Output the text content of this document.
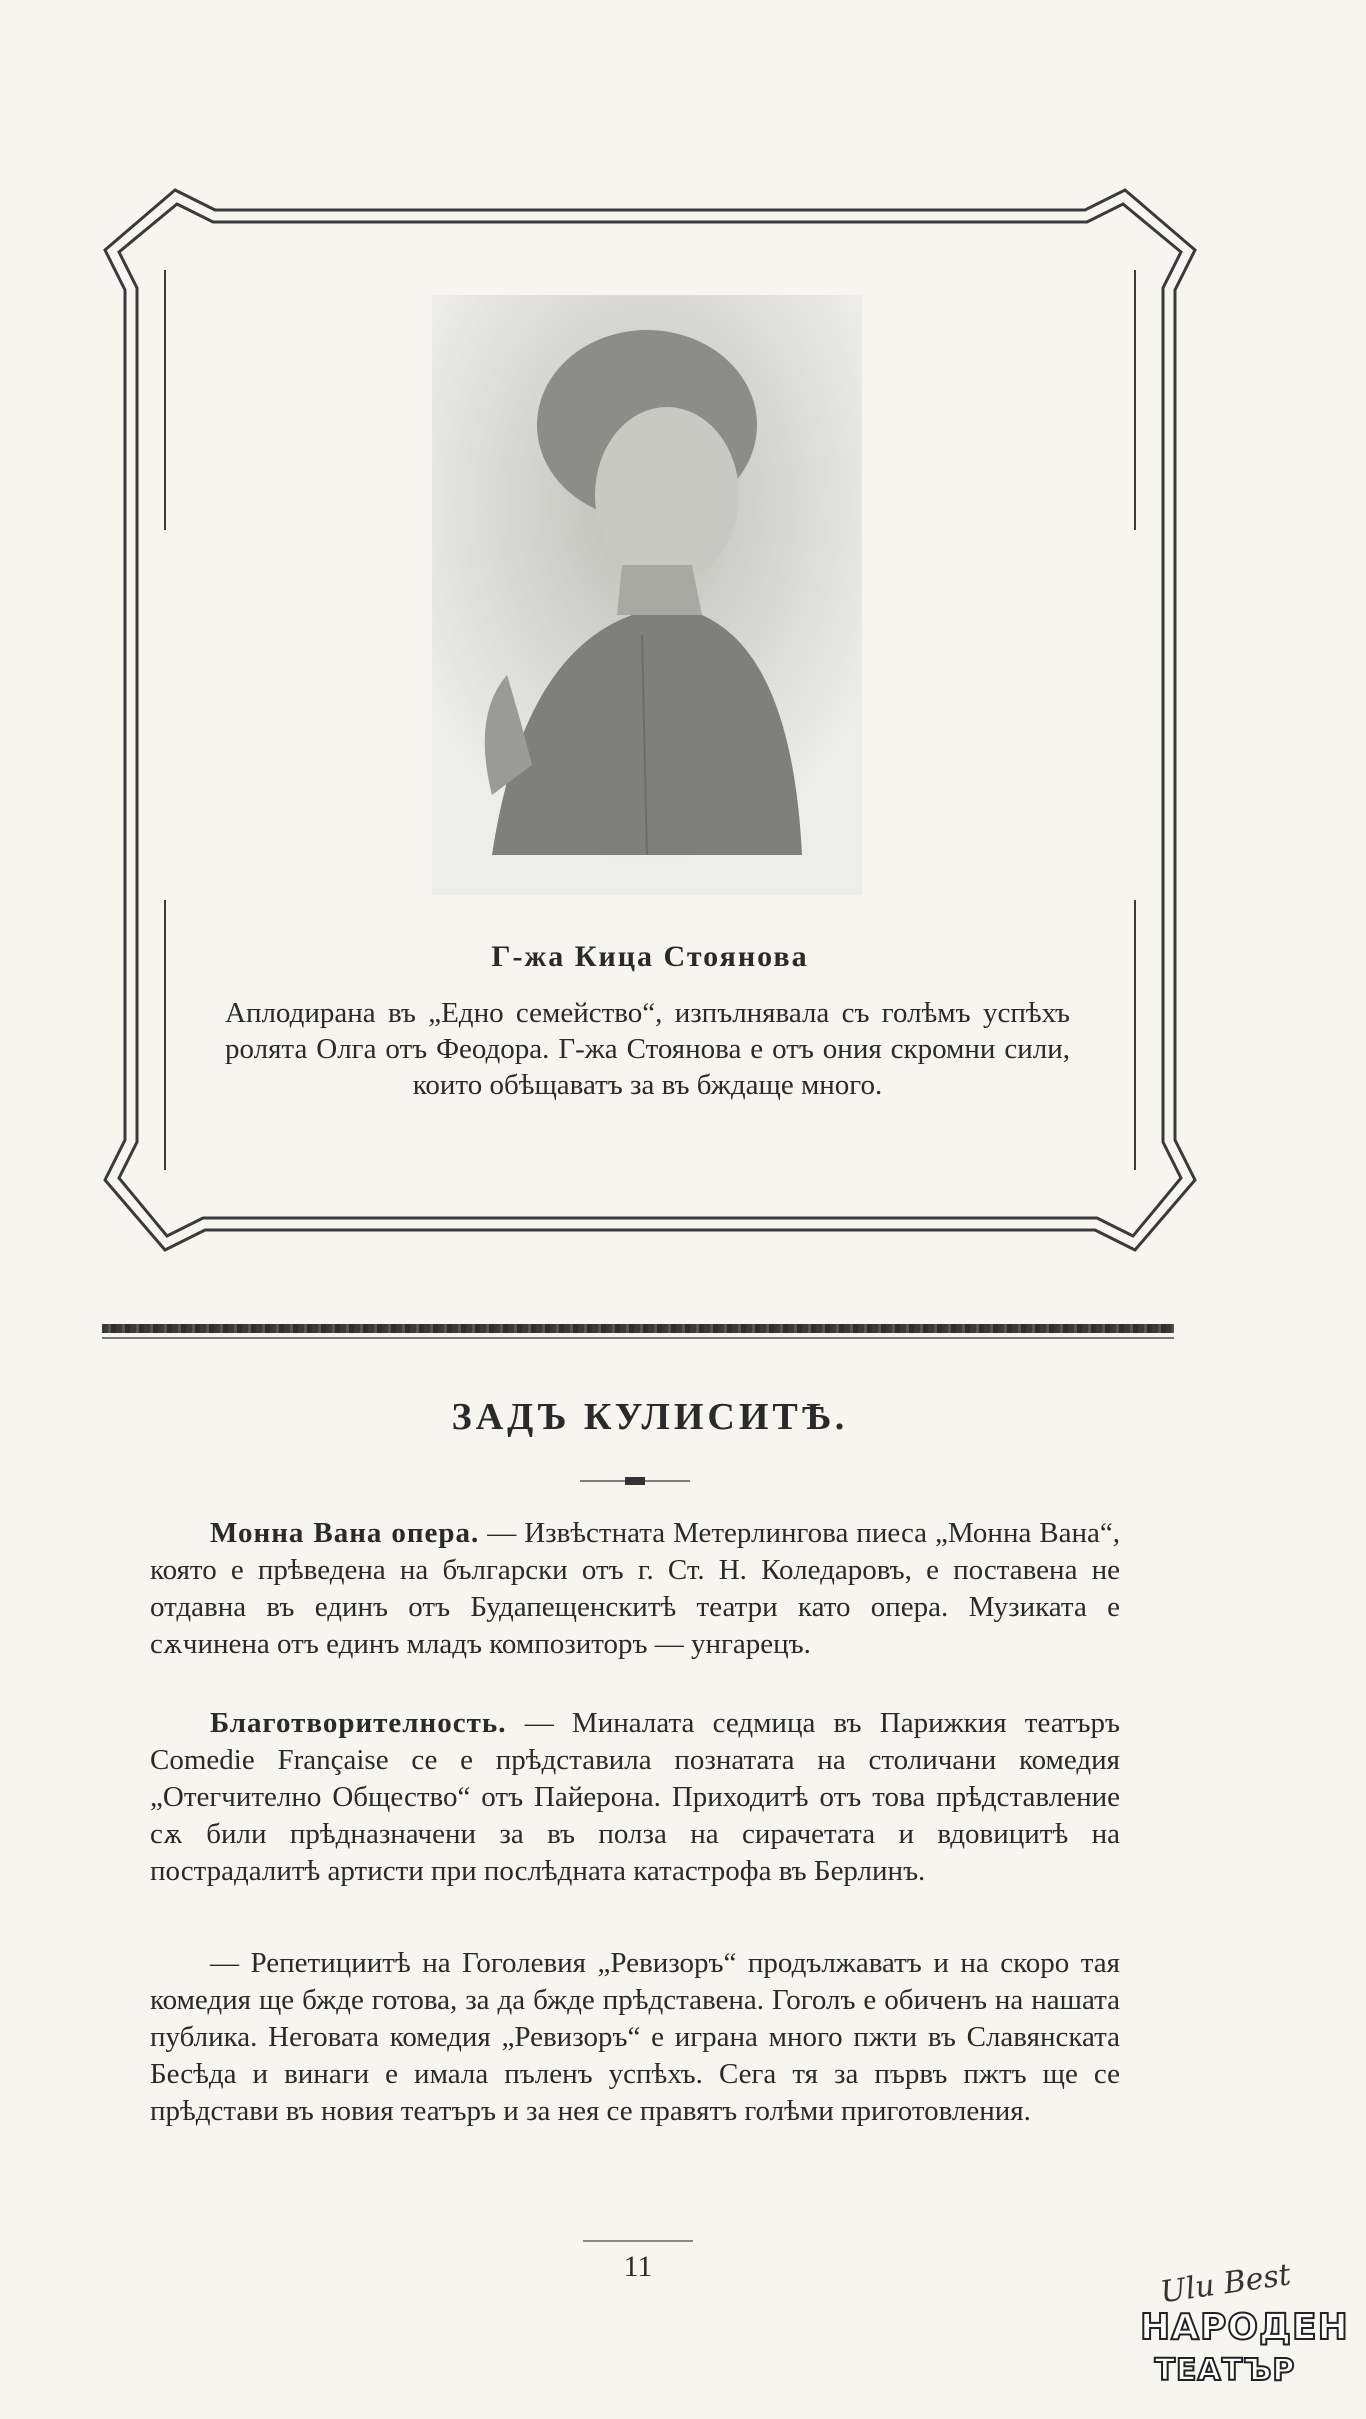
Г-жа Кица Стоянова
Аплодирана въ „Едно семейство“, изпълнявала съ голѣмъ успѣхъ ролята Олга отъ Феодора. Г-жа Стоянова е отъ ония скромни сили, които обѣщаватъ за въ бждаще много.
ЗАДЪ КУЛИСИТѢ.

Монна Вана опера. — Извѣстната Метерлингова пиеса „Монна Вана“, която е прѣведена на български отъ г. Ст. Н. Коледаровъ, е поставена не отдавна въ единъ отъ Будапещенскитѣ театри като опера. Музиката е сѫчинена отъ единъ младъ композиторъ — унгарецъ.

Благотворителность. — Миналата седмица въ Парижкия театъръ Comedie Française се е прѣдставила познатата на столичани комедия „Отегчително Общество“ отъ Пайерона. Приходитѣ отъ това прѣдставление сѫ били прѣдназначени за въ полза на сирачетата и вдовицитѣ на пострадалитѣ артисти при послѣдната катастрофа въ Берлинъ.

— Репетициитѣ на Гоголевия „Ревизоръ“ продължаватъ и на скоро тая комедия ще бжде готова, за да бжде прѣдставена. Гоголъ е обиченъ на нашата публика. Неговата комедия „Ревизоръ“ е играна много пжти въ Славянската Бесѣда и винаги е имала пъленъ успѣхъ. Сега тя за първъ пжтъ ще се прѣдстави въ новия театъръ и за нея се правятъ голѣми приготовления.

11	Ulu Best
НАРОДЕН
ТЕАТЪР
